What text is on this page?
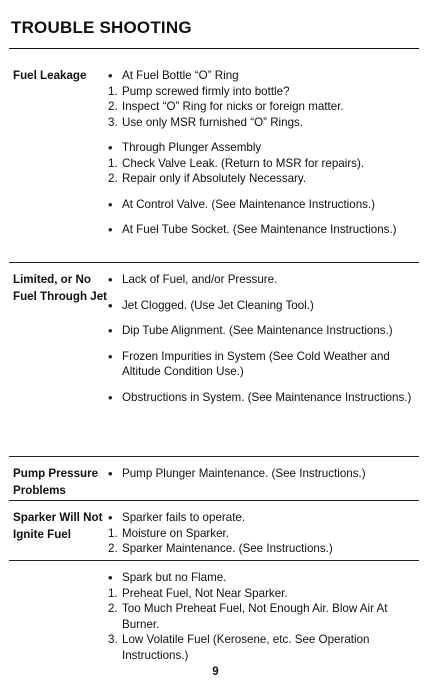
TROUBLE SHOOTING
Fuel Leakage
•	At Fuel Bottle “O” Ring
1. Pump screwed firmly into bottle?
2. Inspect “O” Ring for nicks or foreign matter.
3. Use only MSR furnished “O” Rings.
•
Through Plunger Assembly
1. Check Valve Leak. (Return to MSR for repairs).
2. Repair only if Absolutely Necessary.
•
At Control Valve. (See Maintenance Instructions.)
•
At Fuel Tube Socket. (See Maintenance Instructions.)
Limited, or No Fuel Through Jet
•
Lack of Fuel, and/or Pressure.
•
Jet Clogged. (Use Jet Cleaning Tool.)
•
Dip Tube Alignment. (See Maintenance Instructions.)
•
Frozen Impurities in System (See Cold Weather and Altitude Condition Use.)
•
Obstructions in System. (See Maintenance Instructions.)
Pump Pressure Problems
•
Pump Plunger Maintenance. (See Instructions.)
Sparker Will Not Ignite Fuel
•
Sparker fails to operate.
1. Moisture on Sparker.
2. Sparker Maintenance. (See Instructions.)
•
Spark but no Flame.
1. Preheat Fuel, Not Near Sparker.
2. Too Much Preheat Fuel, Not Enough Air. Blow Air At Burner.
3. Low Volatile Fuel (Kerosene, etc. See Operation Instructions.)
9
